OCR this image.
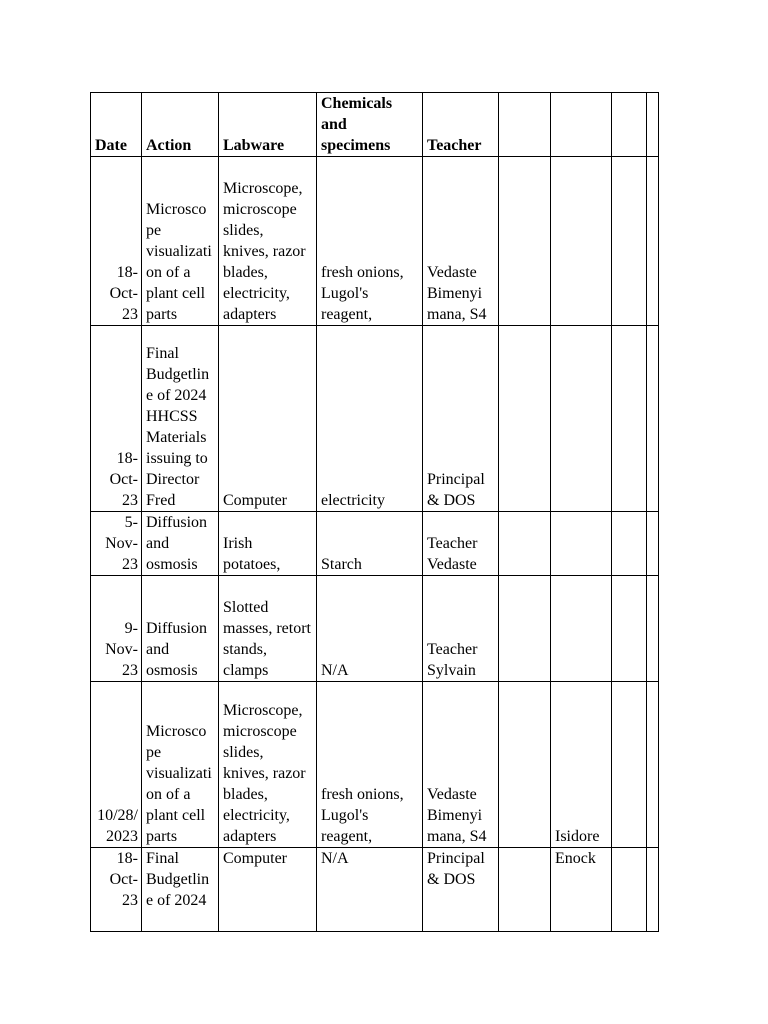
Date	Action	Labware	Chemicals and specimens	Teacher				
18-Oct-23	Microscope visualization of a plant cell parts	Microscope, microscope slides, knives, razor blades, electricity, adapters	fresh onions, Lugol's reagent,	Vedaste Bimenyimana, S4				
18-Oct-23	Final Budgetline of 2024 HHCSS Materials issuing to Director Fred	Computer	electricity	Principal & DOS				
5-Nov-23	Diffusion and osmosis	Irish potatoes,	Starch	Teacher Vedaste				
9-Nov-23	Diffusion and osmosis	Slotted masses, retort stands, clamps	N/A	Teacher Sylvain				
10/28/2023	Microscope visualization of a plant cell parts	Microscope, microscope slides, knives, razor blades, electricity, adapters	fresh onions, Lugol's reagent,	Vedaste Bimenyimana, S4		Isidore		
18-Oct-23	Final Budgetline of 2024	Computer	N/A	Principal & DOS		Enock		
